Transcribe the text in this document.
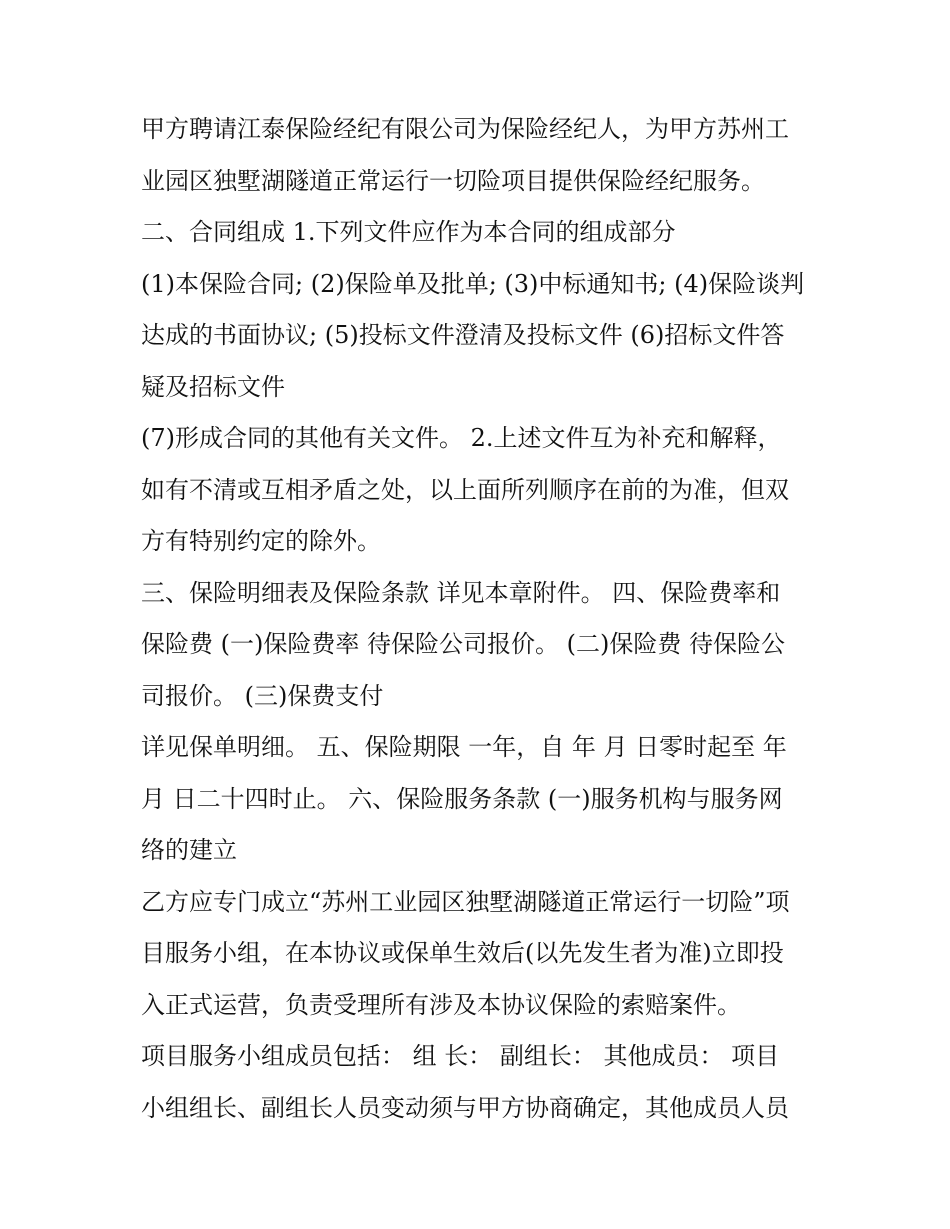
甲方聘请江泰保险经纪有限公司为保险经纪人，为甲方苏州工
业园区独墅湖隧道正常运行一切险项目提供保险经纪服务。
二、合同组成 1.下列文件应作为本合同的组成部分
(1)本保险合同; (2)保险单及批单; (3)中标通知书; (4)保险谈判
达成的书面协议; (5)投标文件澄清及投标文件 (6)招标文件答
疑及招标文件
(7)形成合同的其他有关文件。 2.上述文件互为补充和解释，
如有不清或互相矛盾之处，以上面所列顺序在前的为准，但双
方有特别约定的除外。
三、保险明细表及保险条款 详见本章附件。 四、保险费率和
保险费 (一)保险费率 待保险公司报价。 (二)保险费 待保险公
司报价。 (三)保费支付
详见保单明细。 五、保险期限 一年，自 年 月 日零时起至 年
月 日二十四时止。 六、保险服务条款 (一)服务机构与服务网
络的建立
乙方应专门成立“苏州工业园区独墅湖隧道正常运行一切险”项
目服务小组，在本协议或保单生效后(以先发生者为准)立即投
入正式运营，负责受理所有涉及本协议保险的索赔案件。
项目服务小组成员包括： 组 长： 副组长： 其他成员： 项目
小组组长、副组长人员变动须与甲方协商确定，其他成员人员
